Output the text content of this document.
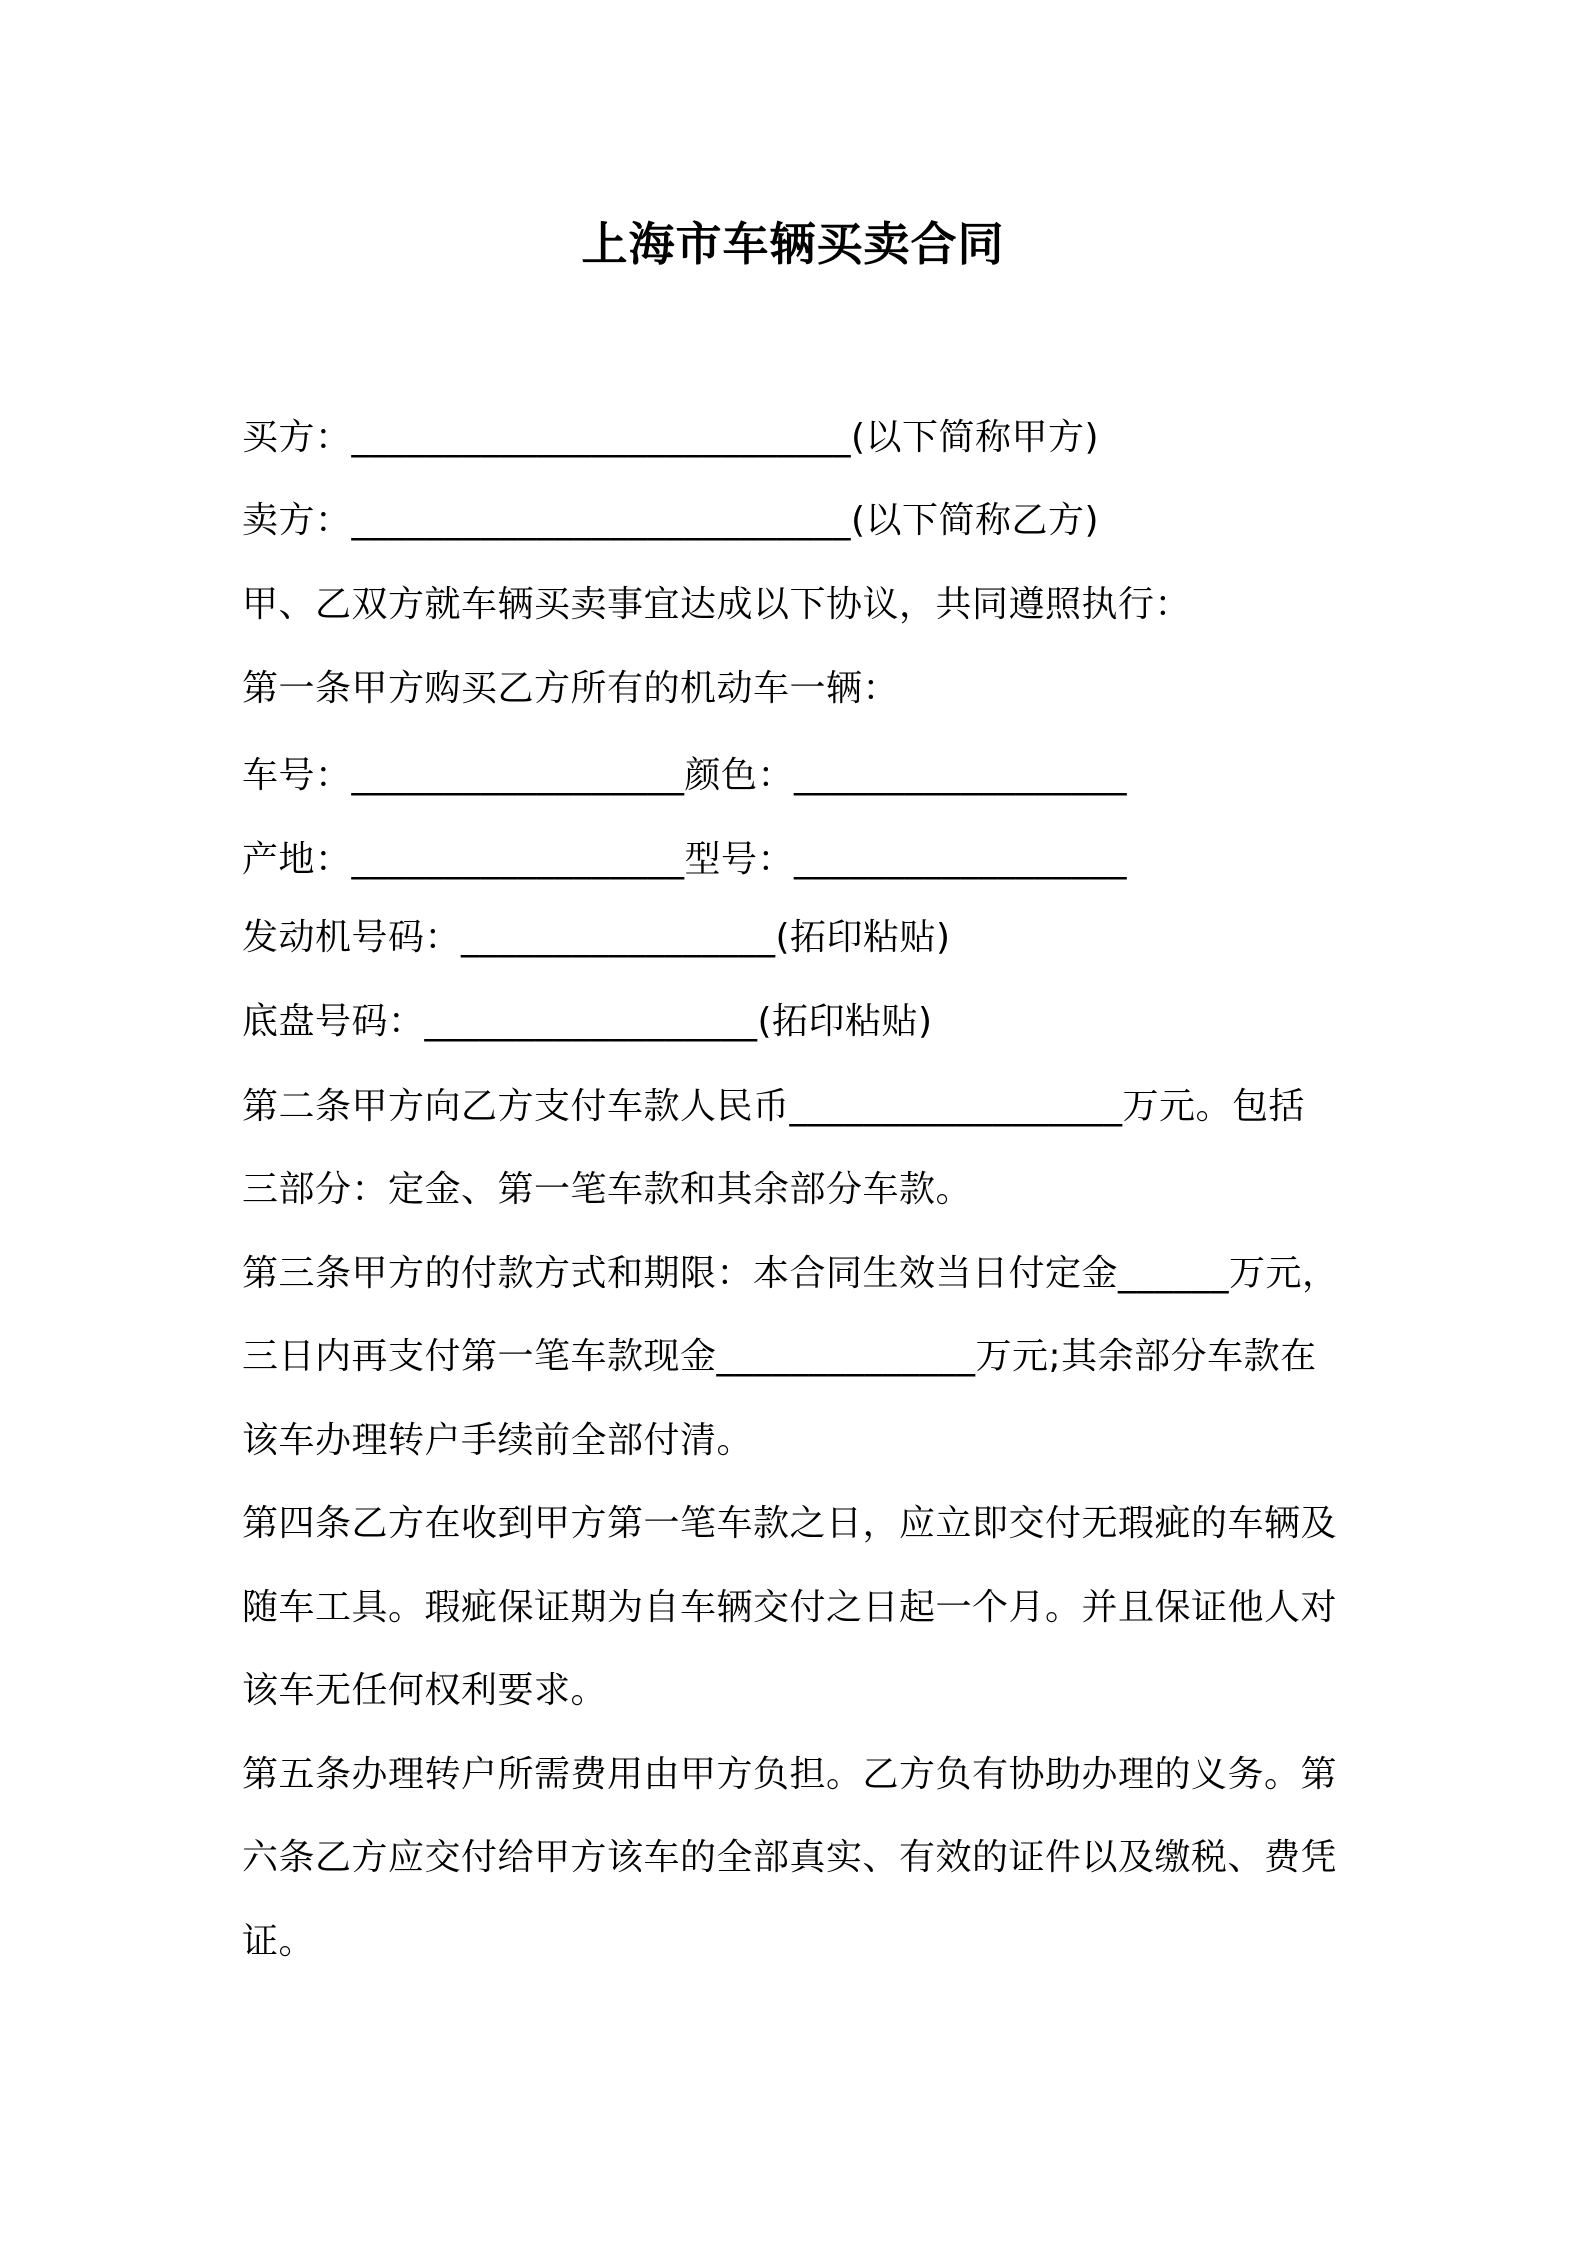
上海市车辆买卖合同
买方：___________________________(以下简称甲方)
卖方：___________________________(以下简称乙方)
甲、乙双方就车辆买卖事宜达成以下协议，共同遵照执行：
第一条甲方购买乙方所有的机动车一辆：
车号：__________________颜色：__________________
产地：__________________型号：__________________
发动机号码：_________________(拓印粘贴)
底盘号码：__________________(拓印粘贴)
第二条甲方向乙方支付车款人民币__________________万元。包括
三部分：定金、第一笔车款和其余部分车款。
第三条甲方的付款方式和期限：本合同生效当日付定金______万元，
三日内再支付第一笔车款现金______________万元;其余部分车款在
该车办理转户手续前全部付清。
第四条乙方在收到甲方第一笔车款之日，应立即交付无瑕疵的车辆及
随车工具。瑕疵保证期为自车辆交付之日起一个月。并且保证他人对
该车无任何权利要求。
第五条办理转户所需费用由甲方负担。乙方负有协助办理的义务。第
六条乙方应交付给甲方该车的全部真实、有效的证件以及缴税、费凭
证。
